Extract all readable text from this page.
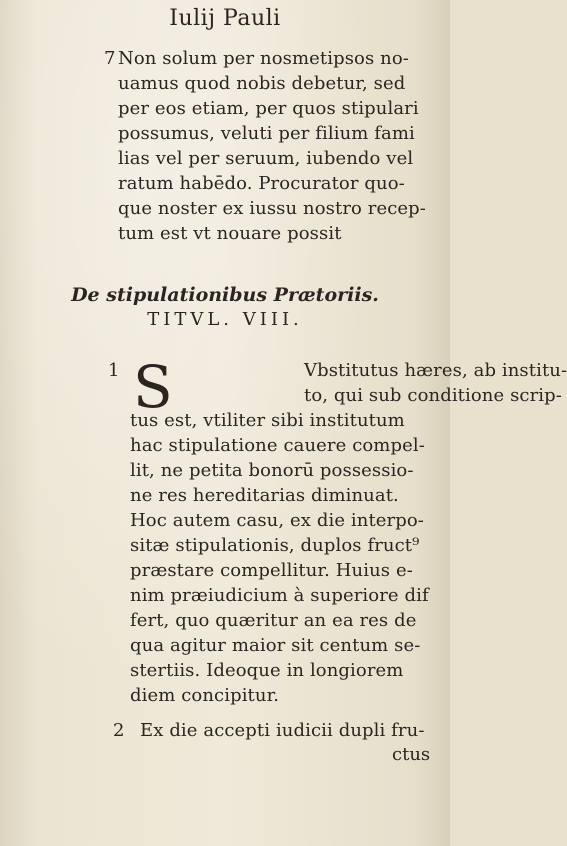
Iulij Pauli
7 Non solum per nosmetipsos no-
uamus quod nobis debetur, sed
per eos etiam, per quos stipulari
possumus, veluti per filium fami
lias vel per seruum, iubendo vel
ratum habēdo. Procurator quo-
que noster ex iussu nostro recep-
tum est vt nouare possit
De stipulationibus Prætoriis.
TITVL. VIII.
1 S	Vbstitutus hæres, ab institu-
to, qui sub conditione scrip-
tus est, vtiliter sibi institutum
hac stipulatione cauere compel-
lit, ne petita bonorū possessio-
ne res hereditarias diminuat.
Hoc autem casu, ex die interpo-
sitæ stipulationis, duplos fruct⁹
præstare compellitur. Huius e-
nim præiudicium à superiore dif
fert, quo quæritur an ea res de
qua agitur maior sit centum se-
stertiis. Ideoque in longiorem
diem concipitur.
2 Ex die accepti iudicii dupli fru-
ctus
